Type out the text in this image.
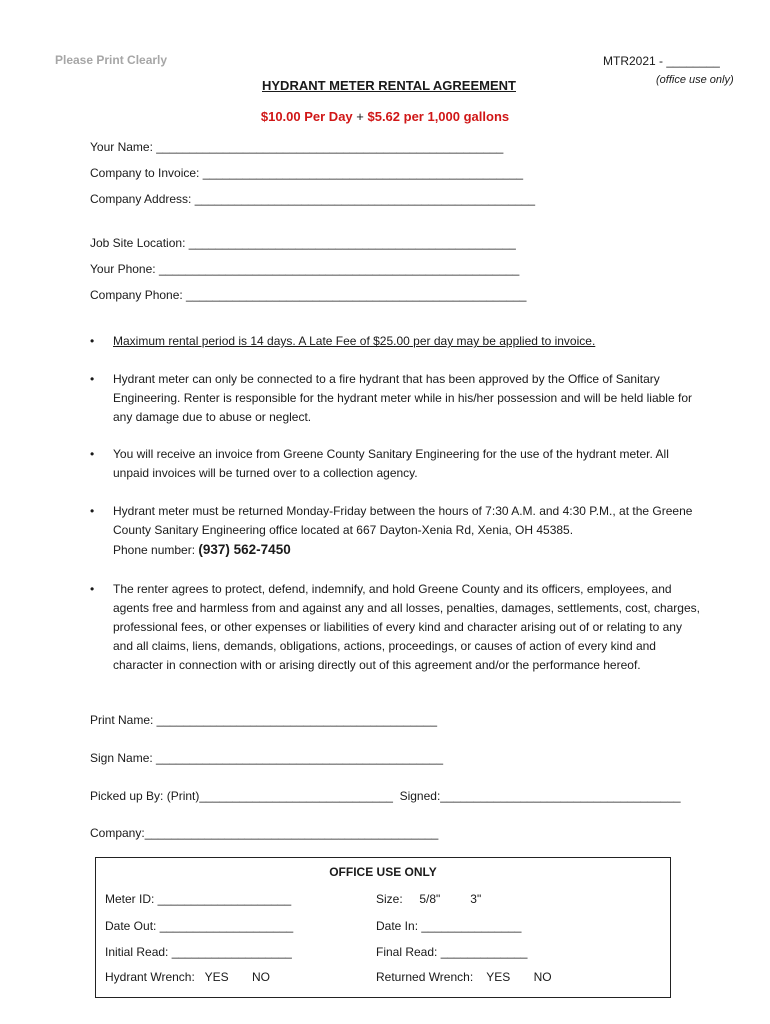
Please Print Clearly	MTR2021 - ________
(office use only)
HYDRANT METER RENTAL AGREEMENT
$10.00 Per Day + $5.62 per 1,000 gallons
Your Name: ____________________________________________________
Company to Invoice: ________________________________________________
Company Address: ___________________________________________________
Job Site Location: _________________________________________________
Your Phone: ______________________________________________________
Company Phone: ___________________________________________________
• Maximum rental period is 14 days. A Late Fee of $25.00 per day may be applied to invoice.
• Hydrant meter can only be connected to a fire hydrant that has been approved by the Office of Sanitary Engineering. Renter is responsible for the hydrant meter while in his/her possession and will be held liable for any damage due to abuse or neglect.
• You will receive an invoice from Greene County Sanitary Engineering for the use of the hydrant meter. All unpaid invoices will be turned over to a collection agency.
• Hydrant meter must be returned Monday-Friday between the hours of 7:30 A.M. and 4:30 P.M., at the Greene County Sanitary Engineering office located at 667 Dayton-Xenia Rd, Xenia, OH 45385.
Phone number: (937) 562-7450
• The renter agrees to protect, defend, indemnify, and hold Greene County and its officers, employees, and agents free and harmless from and against any and all losses, penalties, damages, settlements, cost, charges, professional fees, or other expenses or liabilities of every kind and character arising out of or relating to any and all claims, liens, demands, obligations, actions, proceedings, or causes of action of every kind and character in connection with or arising directly out of this agreement and/or the performance hereof.
Print Name: __________________________________________
Sign Name: ___________________________________________
Picked up By: (Print)_____________________________  Signed:____________________________________
Company:____________________________________________
OFFICE USE ONLY
Meter ID: ____________________	Size:     5/8"         3"
Date Out: ____________________	Date In: _______________
Initial Read: __________________	Final Read: _____________
Hydrant Wrench:   YES       NO	Returned Wrench:    YES       NO
